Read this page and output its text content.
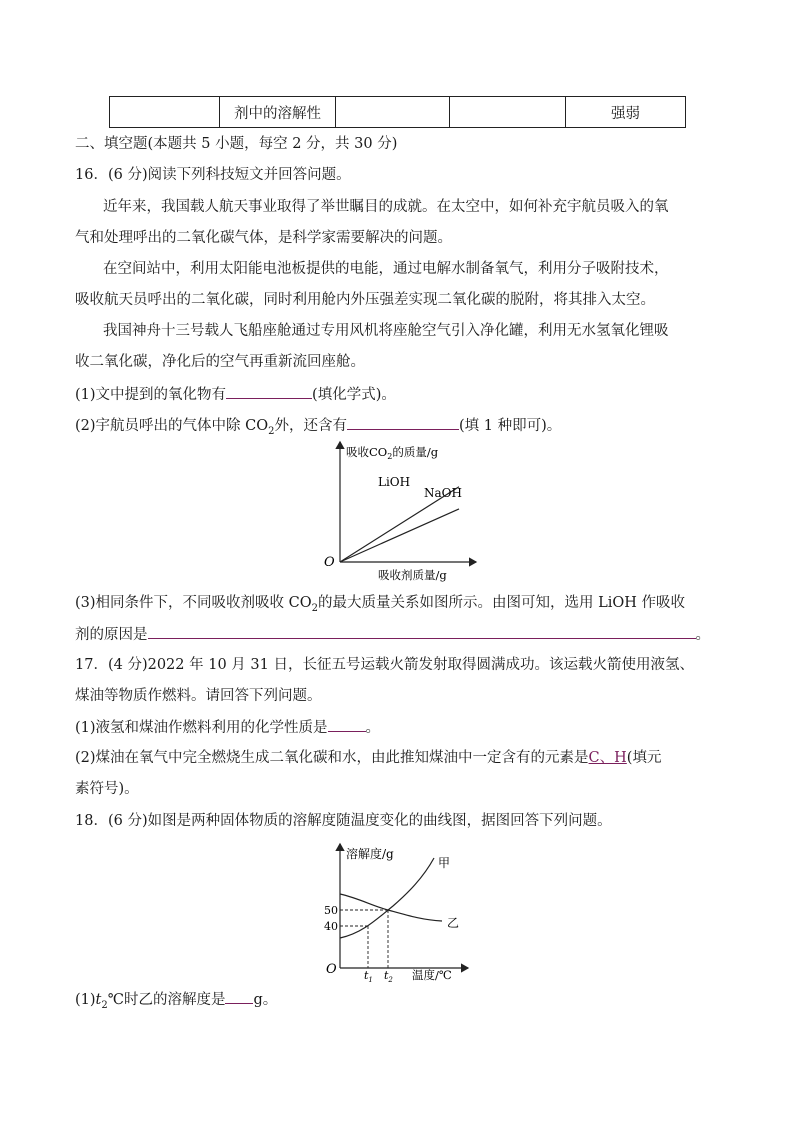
	剂中的溶解性			强弱
二、填空题(本题共 5 小题，每空 2 分，共 30 分)
16．(6 分)阅读下列科技短文并回答问题。
近年来，我国载人航天事业取得了举世瞩目的成就。在太空中，如何补充宇航员吸入的氧
气和处理呼出的二氧化碳气体，是科学家需要解决的问题。
在空间站中，利用太阳能电池板提供的电能，通过电解水制备氧气，利用分子吸附技术，
吸收航天员呼出的二氧化碳，同时利用舱内外压强差实现二氧化碳的脱附，将其排入太空。
我国神舟十三号载人飞船座舱通过专用风机将座舱空气引入净化罐，利用无水氢氧化锂吸
收二氧化碳，净化后的空气再重新流回座舱。
(1)文中提到的氧化物有	(填化学式)。
(2)宇航员呼出的气体中除 $CO_2$外，还含有	(填 1 种即可)。
吸收$CO_2$的质量/g
LiOH
NaOH
O
吸收剂质量/g
(3)相同条件下，不同吸收剂吸收 $CO_2$的最大质量关系如图所示。由图可知，选用 LiOH 作吸收
剂的原因是	。
17．(4 分)2022 年 10 月 31 日，长征五号运载火箭发射取得圆满成功。该运载火箭使用液氢、
煤油等物质作燃料。请回答下列问题。
(1)液氢和煤油作燃料利用的化学性质是	。
(2)煤油在氧气中完全燃烧生成二氧化碳和水，由此推知煤油中一定含有的元素是C、H(填元
素符号)。
18．(6 分)如图是两种固体物质的溶解度随温度变化的曲线图，据图回答下列问题。
溶解度/g
甲
乙
50
40
O $t_1$ $t_2$ 温度/℃
$(1)t_2℃$时乙的溶解度是 g。
